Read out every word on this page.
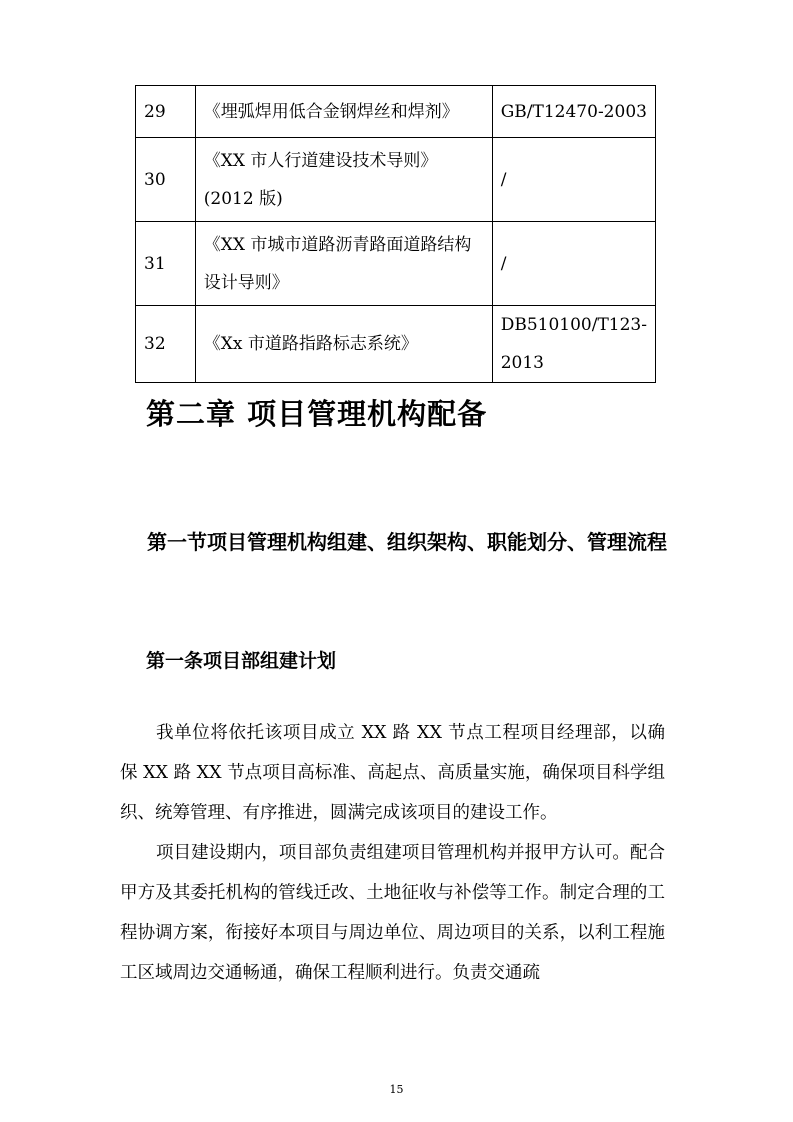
29	《埋弧焊用低合金钢焊丝和焊剂》	GB/T12470-2003
30	《XX 市人行道建设技术导则》(2012 版)	/
31	《XX 市城市道路沥青路面道路结构设计导则》	/
32	《Xx 市道路指路标志系统》	DB510100/T123-2013
第二章 项目管理机构配备
第一节项目管理机构组建、组织架构、职能划分、管理流程
第一条项目部组建计划

我单位将依托该项目成立 XX 路 XX 节点工程项目经理部，以确保 XX 路 XX 节点项目高标准、高起点、高质量实施，确保项目科学组织、统筹管理、有序推进，圆满完成该项目的建设工作。

项目建设期内，项目部负责组建项目管理机构并报甲方认可。配合甲方及其委托机构的管线迁改、土地征收与补偿等工作。制定合理的工程协调方案，衔接好本项目与周边单位、周边项目的关系，以利工程施工区域周边交通畅通，确保工程顺利进行。负责交通疏

15
